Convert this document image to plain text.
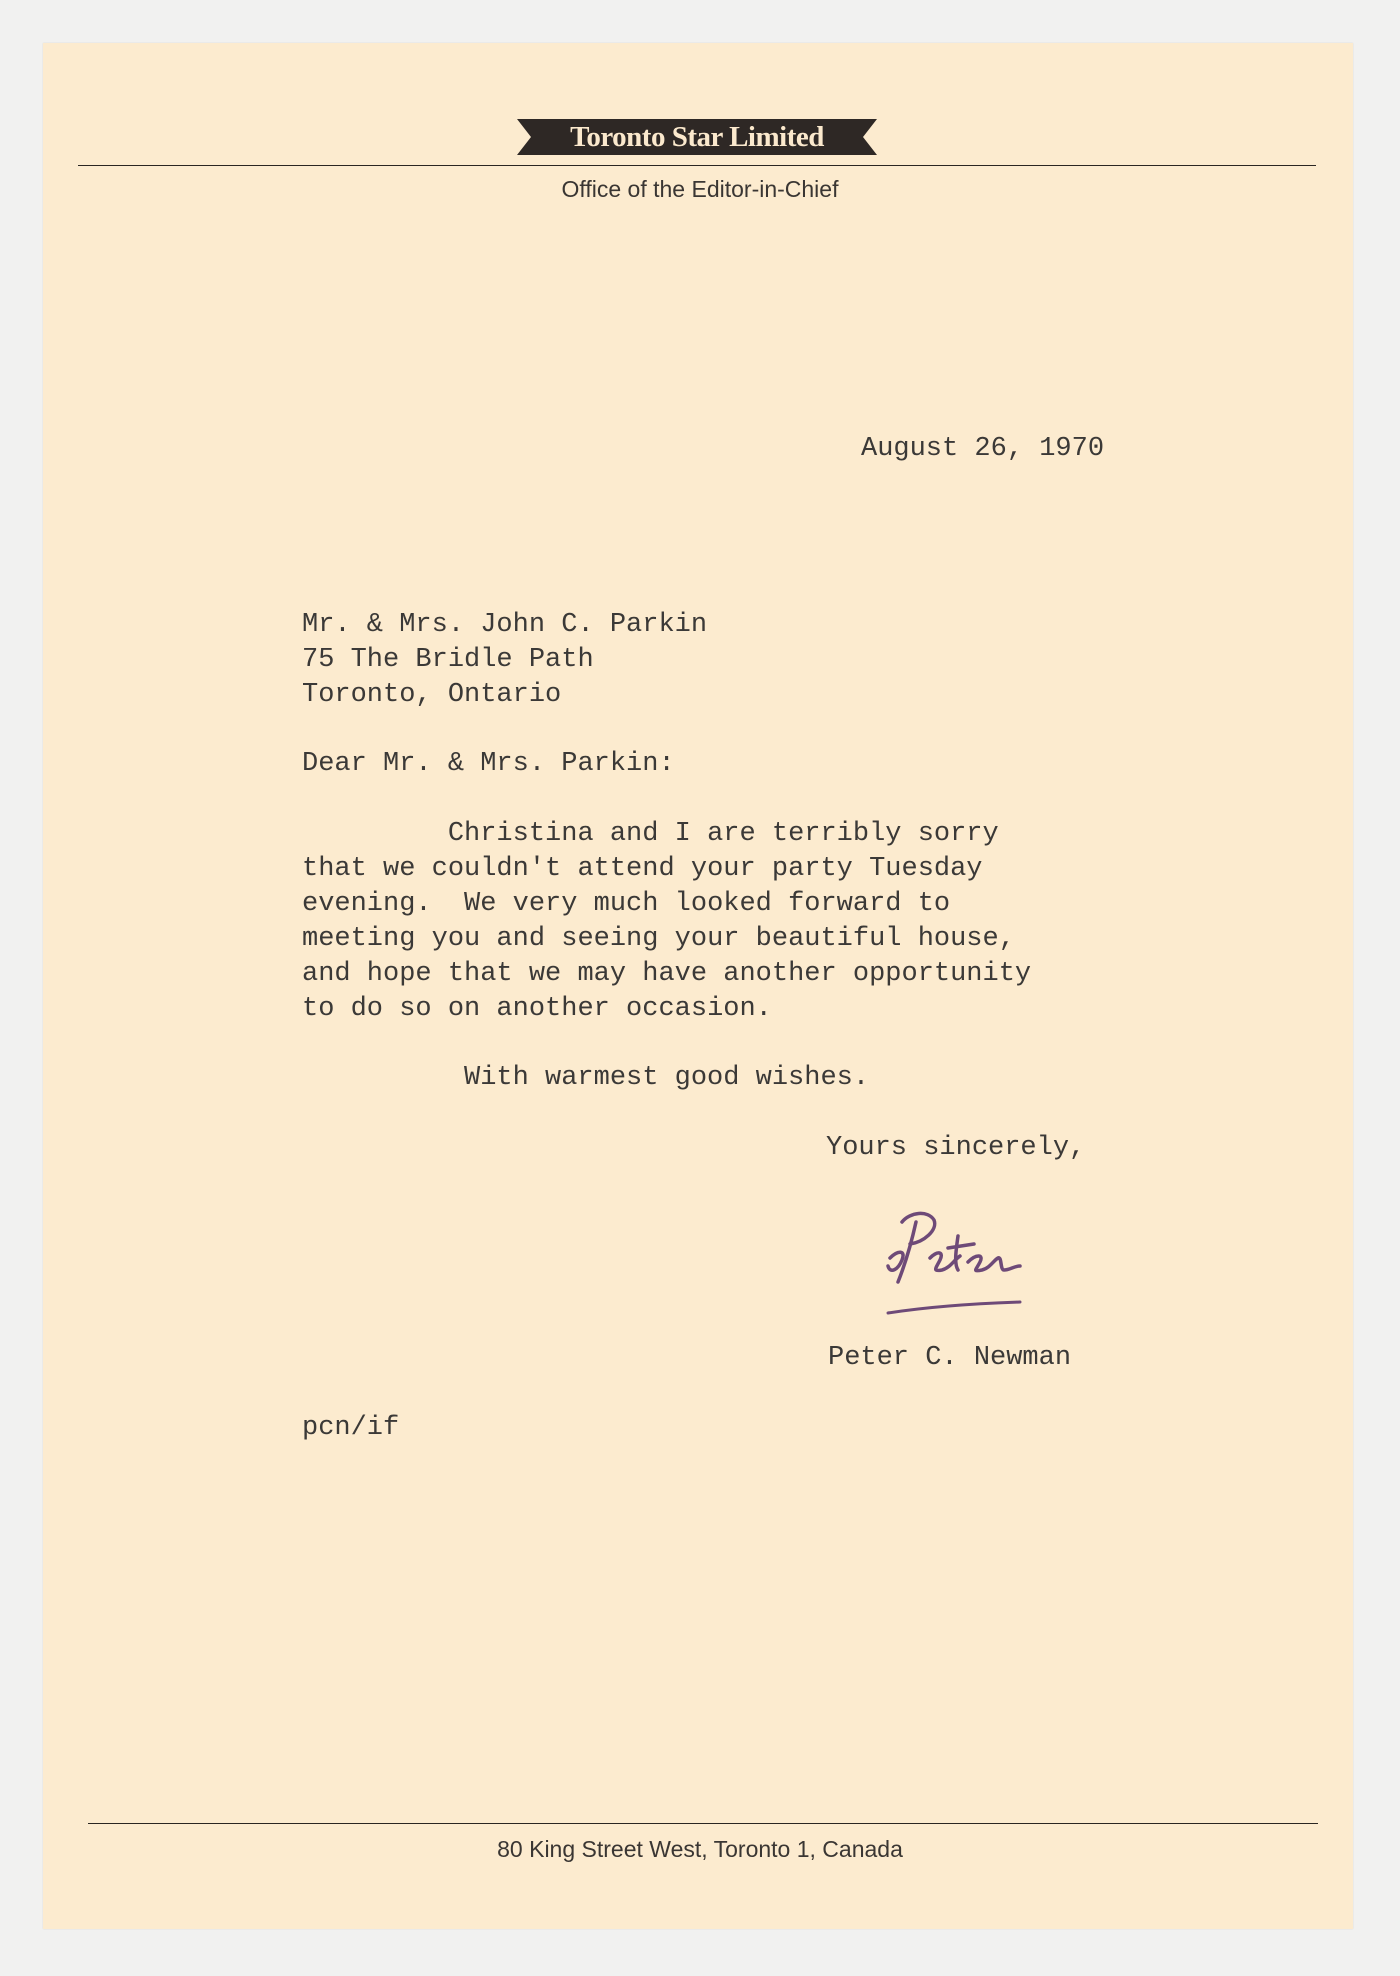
Toronto Star Limited
Office of the Editor-in-Chief
August 26, 1970
Mr. & Mrs. John C. Parkin
75 The Bridle Path
Toronto, Ontario
Dear Mr. & Mrs. Parkin:
Christina and I are terribly sorry
that we couldn't attend your party Tuesday
evening.  We very much looked forward to
meeting you and seeing your beautiful house,
and hope that we may have another opportunity
to do so on another occasion.
With warmest good wishes.
Yours sincerely,
Peter C. Newman
pcn/if
80 King Street West, Toronto 1, Canada
